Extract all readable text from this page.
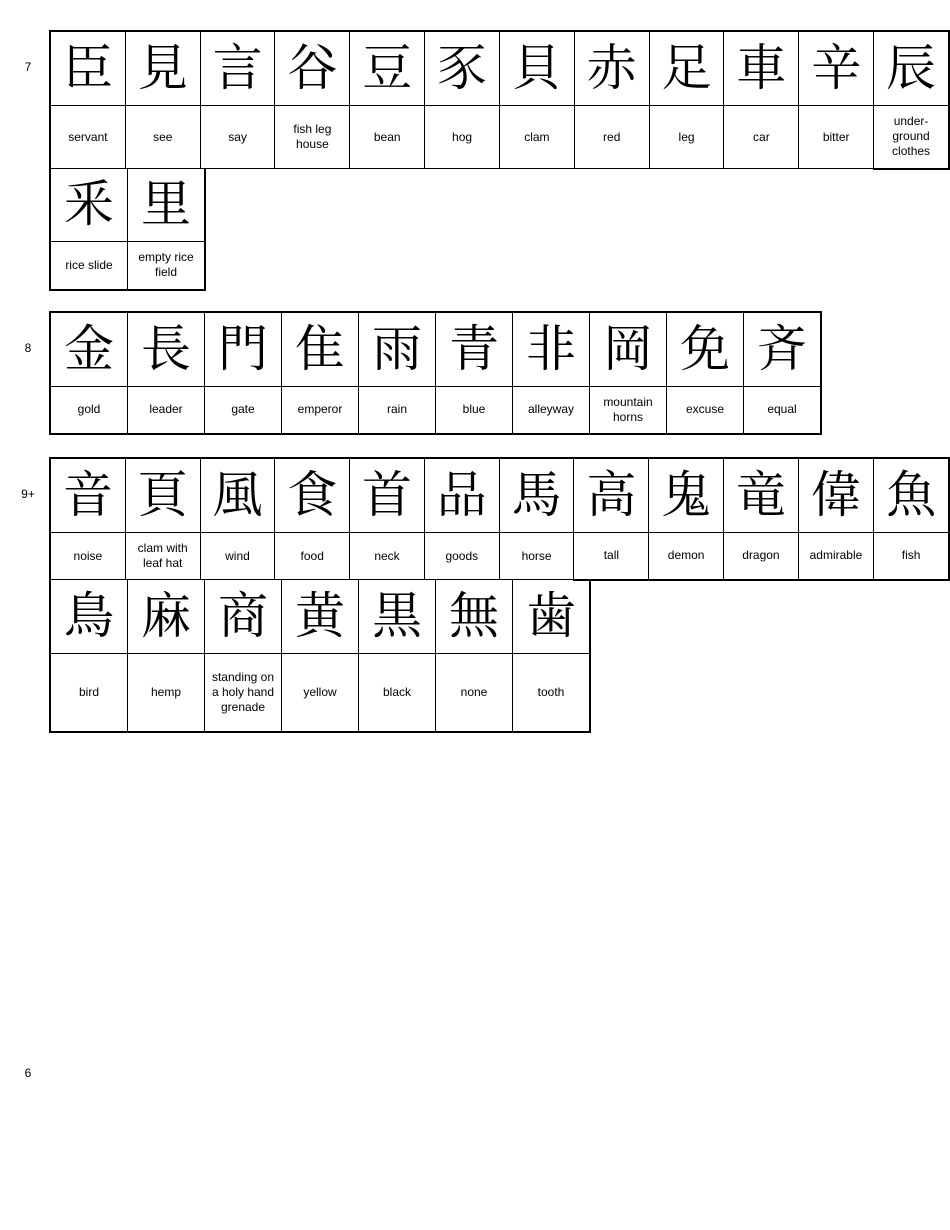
7 臣	見	言	谷	豆	豕	貝	赤	足	車	辛	辰
servant	see	say	fish leg house	bean	hog	clam	red	leg	car	bitter	under-ground clothes
釆	里
rice slide	empty rice field
8 金	長	門	隹	雨	青	非	岡	免	斉
gold	leader	gate	emperor	rain	blue	alleyway	mountain horns	excuse	equal
9+ 音	頁	風	食	首	品	馬	高	鬼	竜	偉	魚
noise	clam with leaf hat	wind	food	neck	goods	horse	tall	demon	dragon	admirable	fish
鳥	麻	商	黄	黒	無	歯
bird	hemp	standing on a holy hand grenade	yellow	black	none	tooth
6
